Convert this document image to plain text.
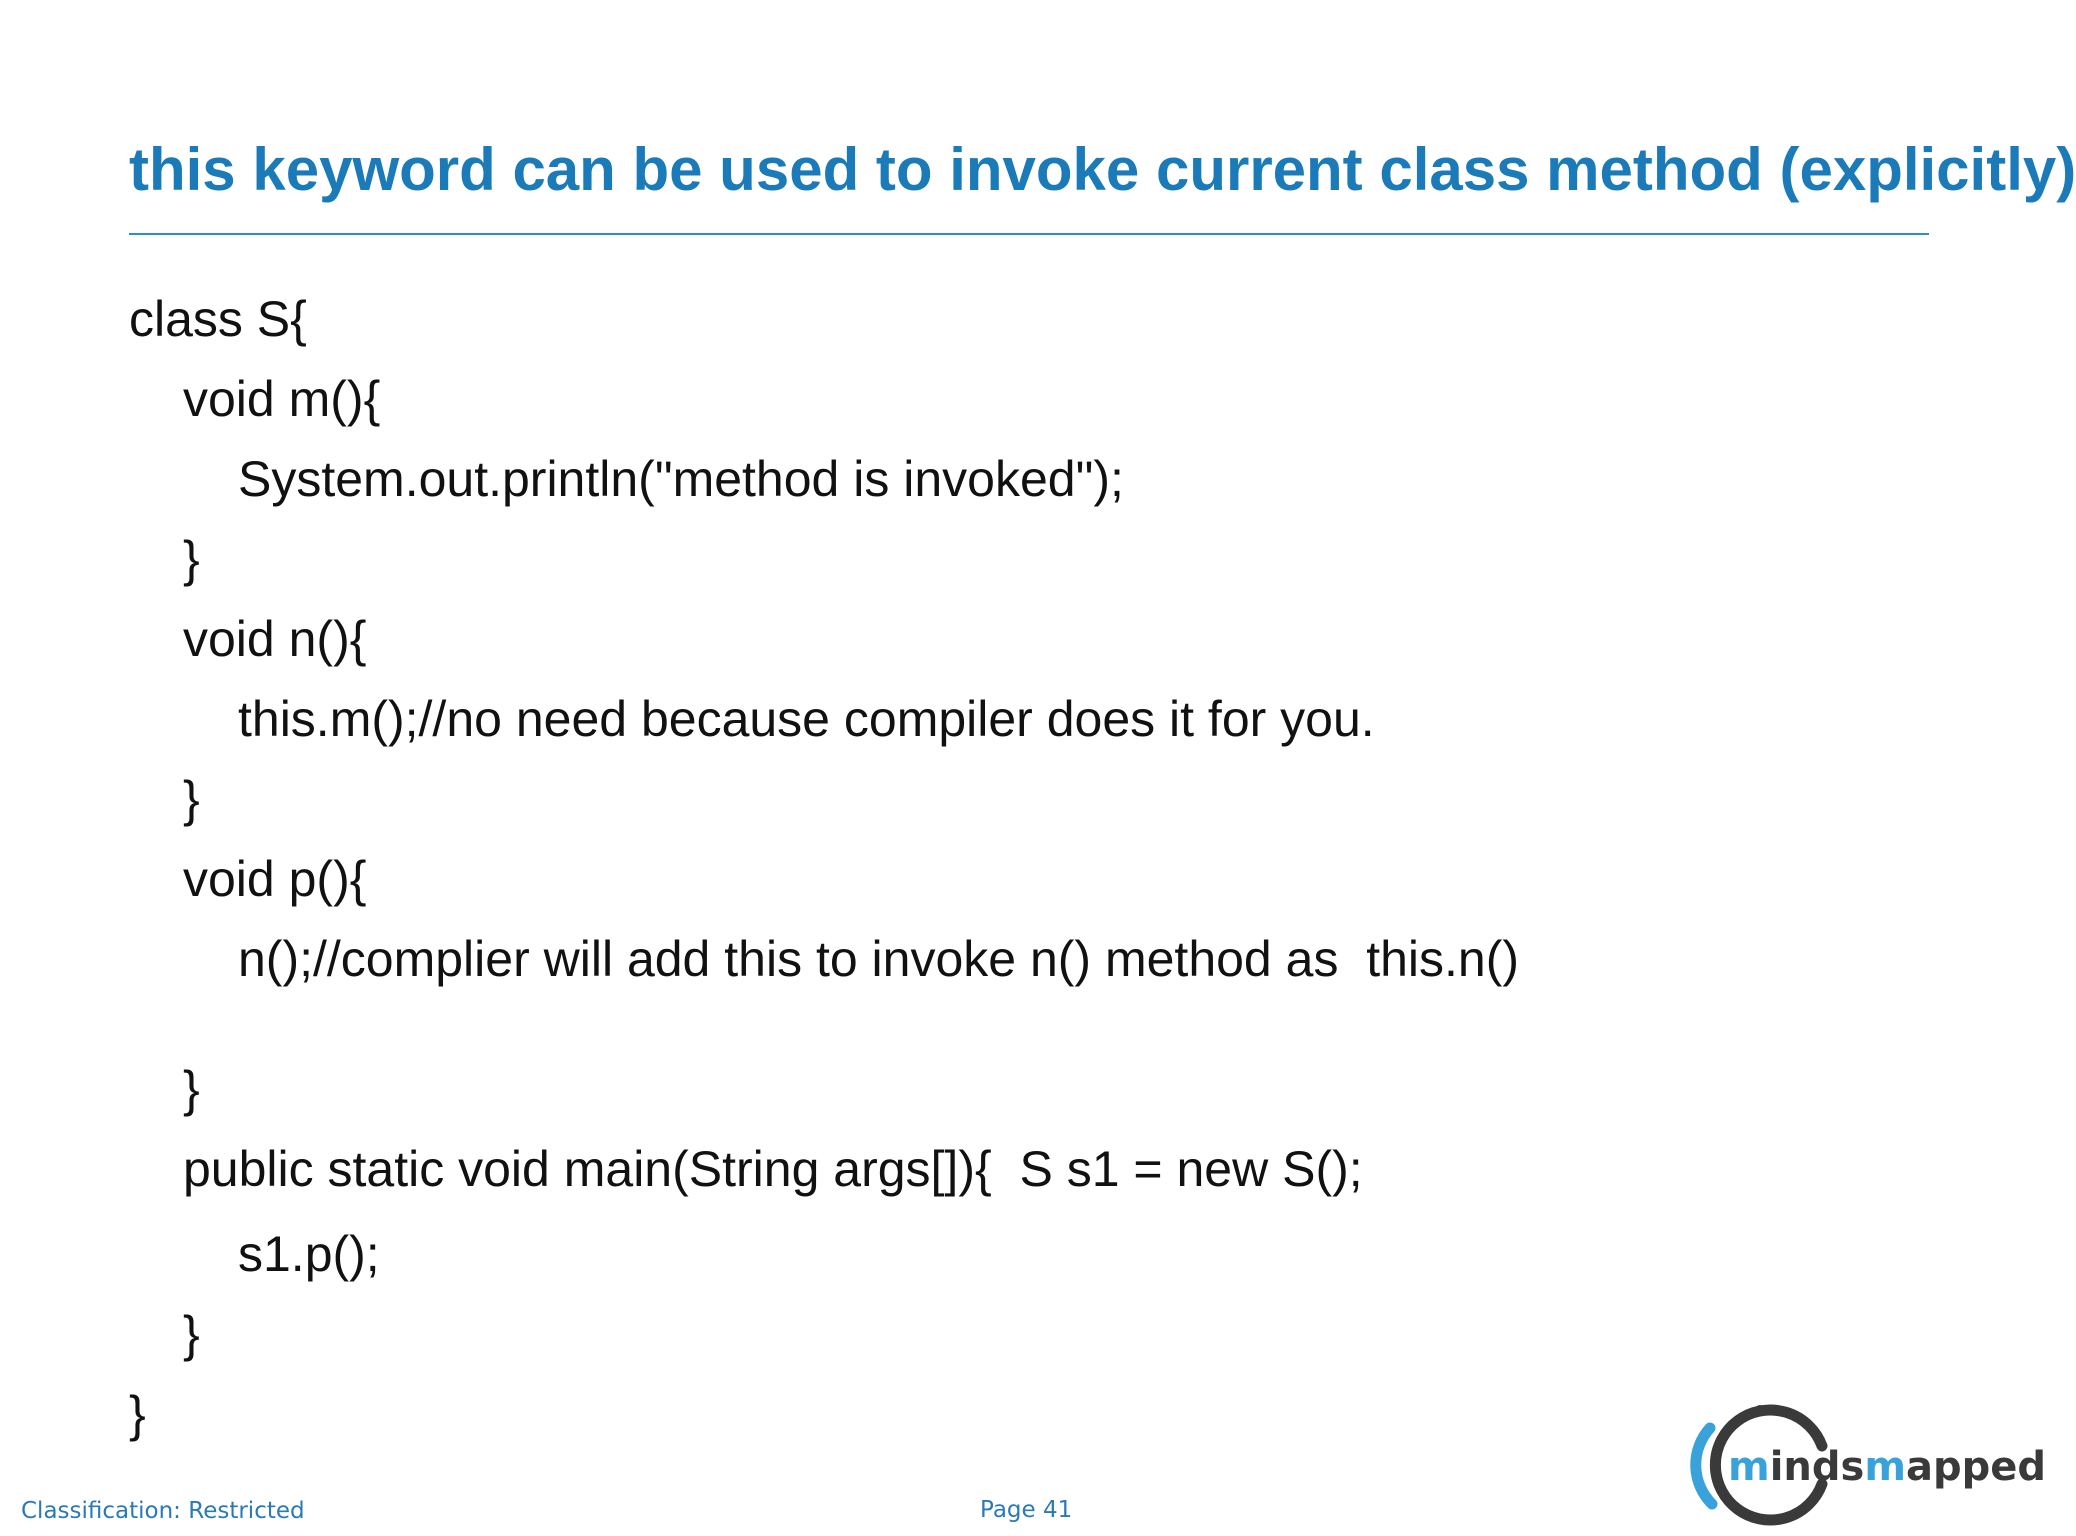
this keyword can be used to invoke current class method (explicitly)
class S{
void m(){
System.out.println("method is invoked");
}
void n(){
this.m();//no need because compiler does it for you.
}
void p(){
n();//complier will add this to invoke n() method as  this.n()
}
public static void main(String args[]){  S s1 = new S();
s1.p();
}
}
Classification: Restricted	Page 41
mindsmapped
